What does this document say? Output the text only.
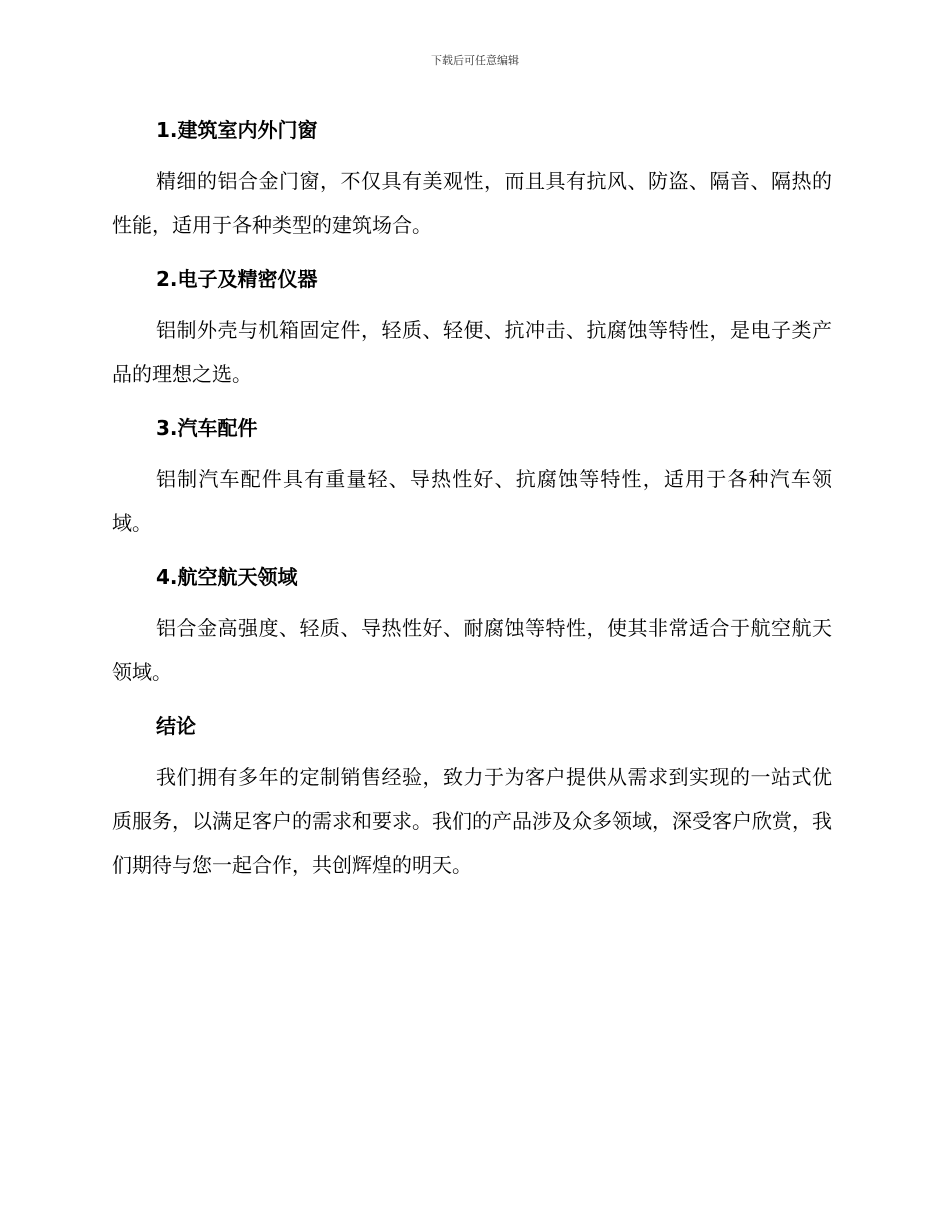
下载后可任意编辑
1.建筑室内外门窗

精细的铝合金门窗，不仅具有美观性，而且具有抗风、防盗、隔音、隔热的性能，适用于各种类型的建筑场合。

2.电子及精密仪器

铝制外壳与机箱固定件，轻质、轻便、抗冲击、抗腐蚀等特性，是电子类产品的理想之选。

3.汽车配件

铝制汽车配件具有重量轻、导热性好、抗腐蚀等特性，适用于各种汽车领域。

4.航空航天领域

铝合金高强度、轻质、导热性好、耐腐蚀等特性，使其非常适合于航空航天领域。

结论

我们拥有多年的定制销售经验，致力于为客户提供从需求到实现的一站式优质服务，以满足客户的需求和要求。我们的产品涉及众多领域，深受客户欣赏，我们期待与您一起合作，共创辉煌的明天。
